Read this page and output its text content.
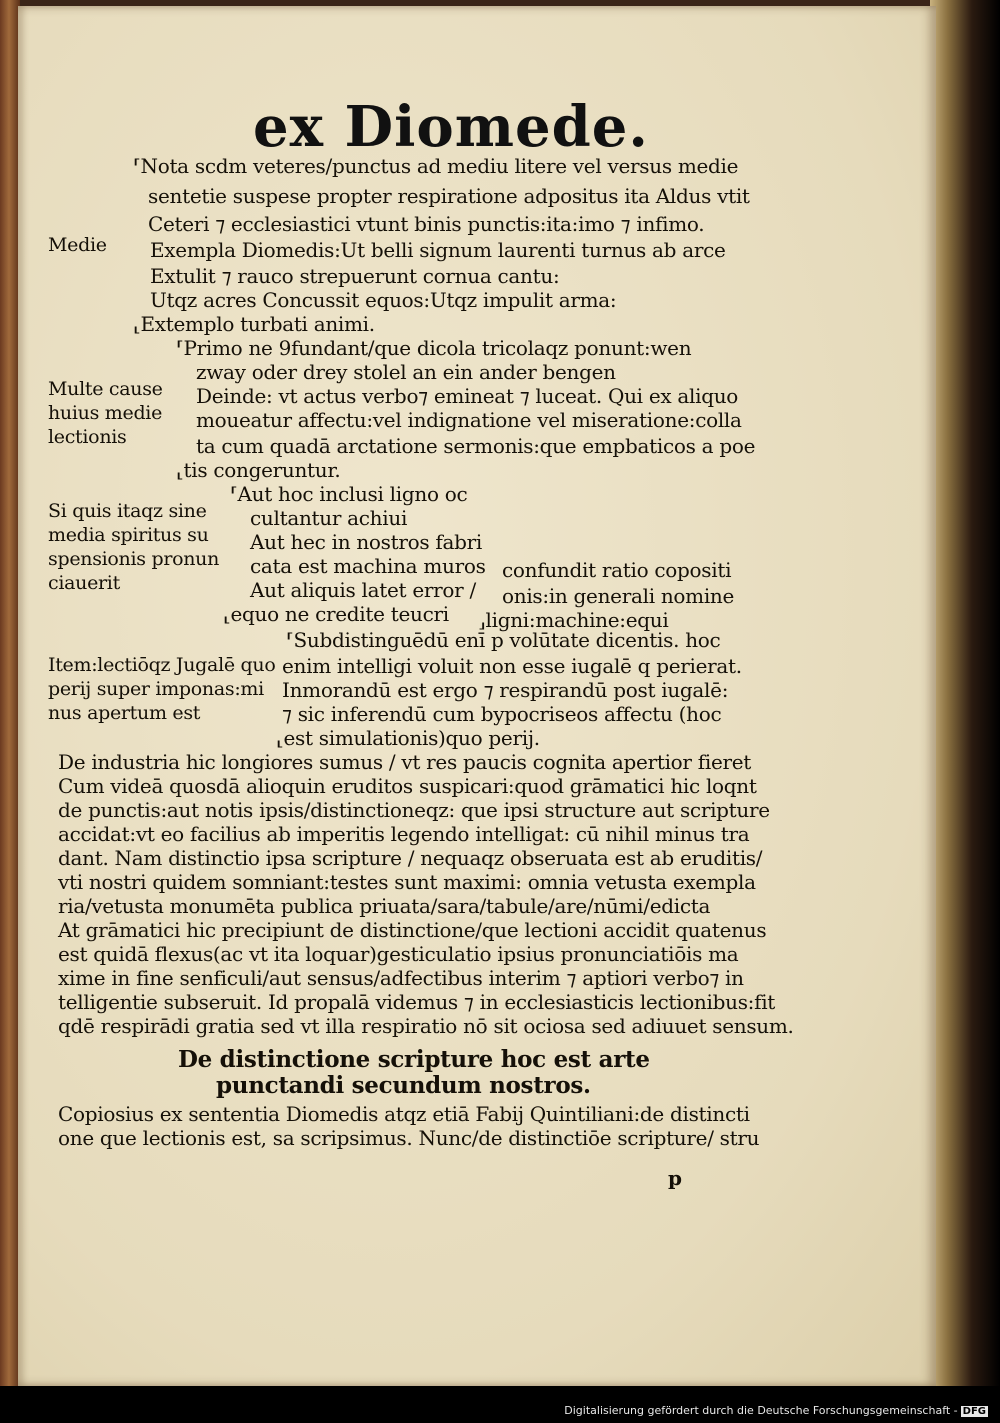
ex Diomede.
⸢Nota scdm veteres/punctus ad mediu litere vel versus medie
sentetie suspese propter respiratione adpositus ita Aldus vtit
Ceteri ⁊ ecclesiastici vtunt binis punctis:ita:imo ⁊ infimo.
Exempla Diomedis:Ut belli signum laurenti turnus ab arce
Extulit ⁊ rauco strepuerunt cornua cantu:
Utqz acres Concussit equos:Utqz impulit arma:
⸤Extemplo turbati animi.
⸢Primo ne 9fundant/que dicola tricolaqz ponunt:wen
zway oder drey stolel an ein ander bengen
Deinde: vt actus verbo⁊ emineat ⁊ luceat. Qui ex aliquo
moueatur affectu:vel indignatione vel miseratione:colla
ta cum quadā arctatione sermonis:que empbaticos a poe
⸤tis congeruntur.
⸢Aut hoc inclusi ligno oc
cultantur achiui
Aut hec in nostros fabri
cata est machina muros confundit ratio copositi
Aut aliquis latet error / onis:in generali nomine
⸤equo ne credite teucri ⸥ligni:machine:equi
⸢Subdistinguēdū enī p volūtate dicentis. hoc
enim intelligi voluit non esse iugalē q perierat.
Inmorandū est ergo ⁊ respirandū post iugalē:
⁊ sic inferendū cum bypocriseos affectu (hoc
⸤est simulationis)quo perij.
De industria hic longiores sumus / vt res paucis cognita apertior fieret
Cum videā quosdā alioquin eruditos suspicari:quod grāmatici hic loqnt
de punctis:aut notis ipsis/distinctioneqz: que ipsi structure aut scripture
accidat:vt eo facilius ab imperitis legendo intelligat: cū nihil minus tra
dant. Nam distinctio ipsa scripture / nequaqz obseruata est ab eruditis/
vti nostri quidem somniant:testes sunt maximi: omnia vetusta exempla
ria/vetusta monumēta publica priuata/sara/tabule/are/nūmi/edicta
At grāmatici hic precipiunt de distinctione/que lectioni accidit quatenus
est quidā flexus(ac vt ita loquar)gesticulatio ipsius pronunciatiōis ma
xime in fine senficuli/aut sensus/adfectibus interim ⁊ aptiori verbo⁊ in
telligentie subseruit. Id propalā videmus ⁊ in ecclesiasticis lectionibus:fit
qdē respirādi gratia sed vt illa respiratio nō sit ociosa sed adiuuet sensum.
Copiosius ex sententia Diomedis atqz etiā Fabij Quintiliani:de distincti
one que lectionis est, sa scripsimus. Nunc/de distinctiōe scripture/ stru
Medie
Multe cause
huius medie
lectionis
Si quis itaqz sine
media spiritus su
spensionis pronun
ciauerit
Item:lectiōqz Jugalē quo
perij super imponas:mi
nus apertum est
De distinctione scripture hoc est arte
punctandi secundum nostros.
p
Digitalisierung gefördert durch die Deutsche Forschungsgemeinschaft - DFG
